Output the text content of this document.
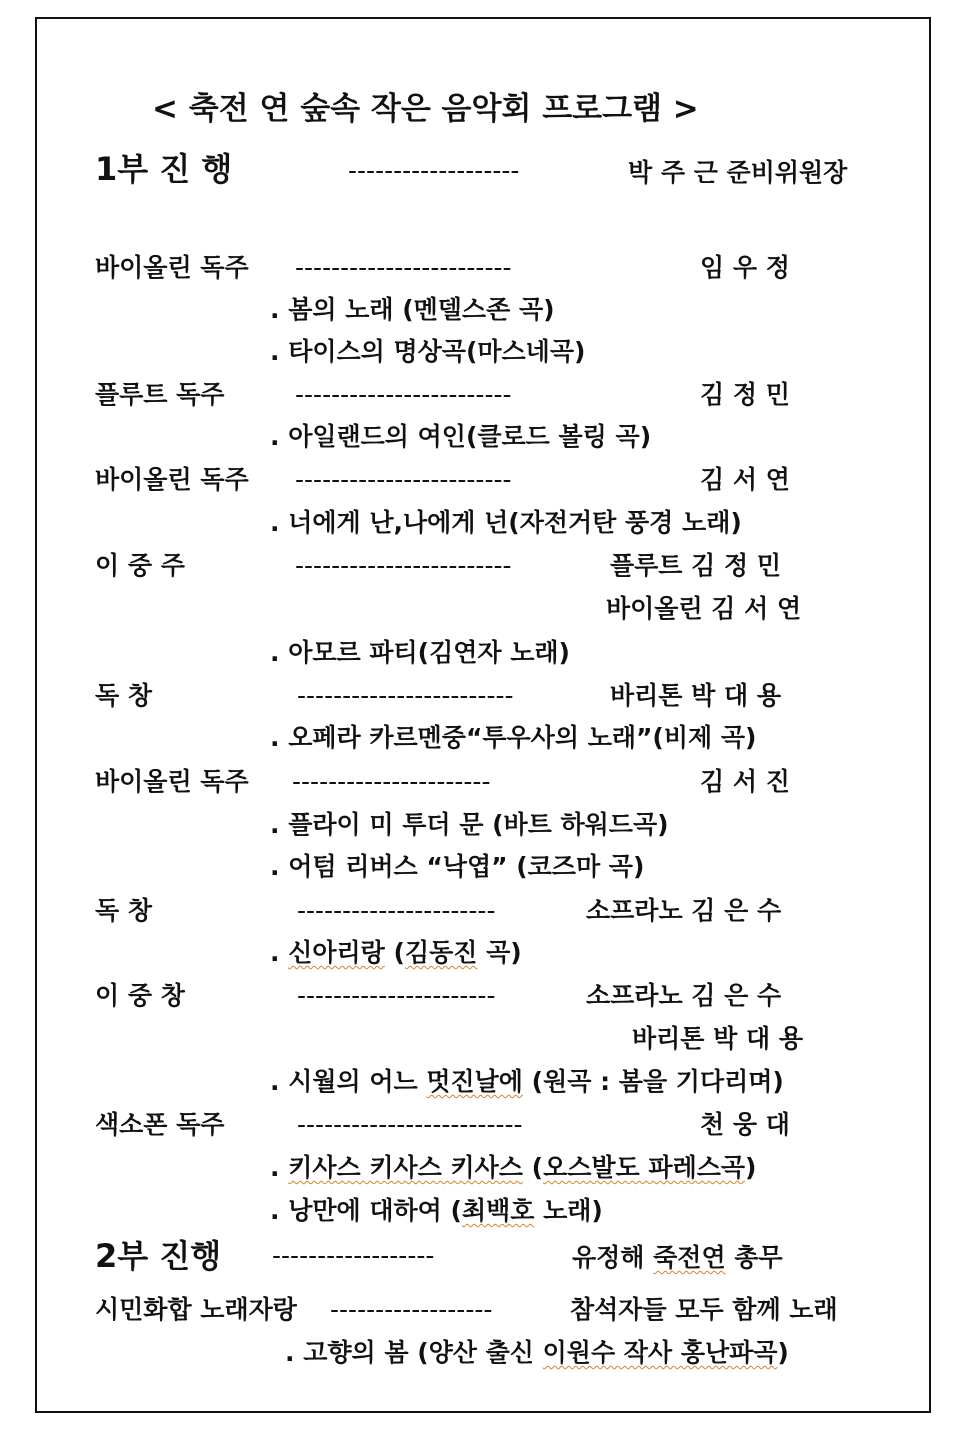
< 축전 연 숲속 작은 음악회 프로그램 >
1부 진 행	-------------------	박 주 근 준비위원장
바이올린 독주 ------------------------	임 우 정
. 봄의 노래 (멘델스존 곡)
. 타이스의 명상곡(마스네곡)
플루트 독주	------------------------	김 정 민
. 아일랜드의 여인(클로드 볼링 곡)
바이올린 독주 ------------------------	김 서 연
. 너에게 난,나에게 넌(자전거탄 풍경 노래)
이 중 주	------------------------	플루트 김 정 민
바이올린 김 서 연
. 아모르 파티(김연자 노래)
독 창	------------------------	바리톤 박 대 용
. 오페라 카르멘중“투우사의 노래”(비제 곡)
바이올린 독주 ----------------------	김 서 진
. 플라이 미 투더 문 (바트 하워드곡)
. 어텀 리버스 “낙엽” (코즈마 곡)
독 창	----------------------	소프라노 김 은 수
. 신아리랑 (김동진 곡)
이 중 창	----------------------	소프라노 김 은 수
바리톤 박 대 용
. 시월의 어느 멋진날에 (원곡 : 봄을 기다리며)
색소폰 독주	-------------------------	천 웅 대
. 키사스 키사스 키사스 (오스발도 파레스곡)
. 낭만에 대하여 (최백호 노래)
2부 진행 ------------------	유정해 죽전연 총무
시민화합 노래자랑 ------------------	참석자들 모두 함께 노래
. 고향의 봄 (양산 출신 이원수 작사 홍난파곡)
